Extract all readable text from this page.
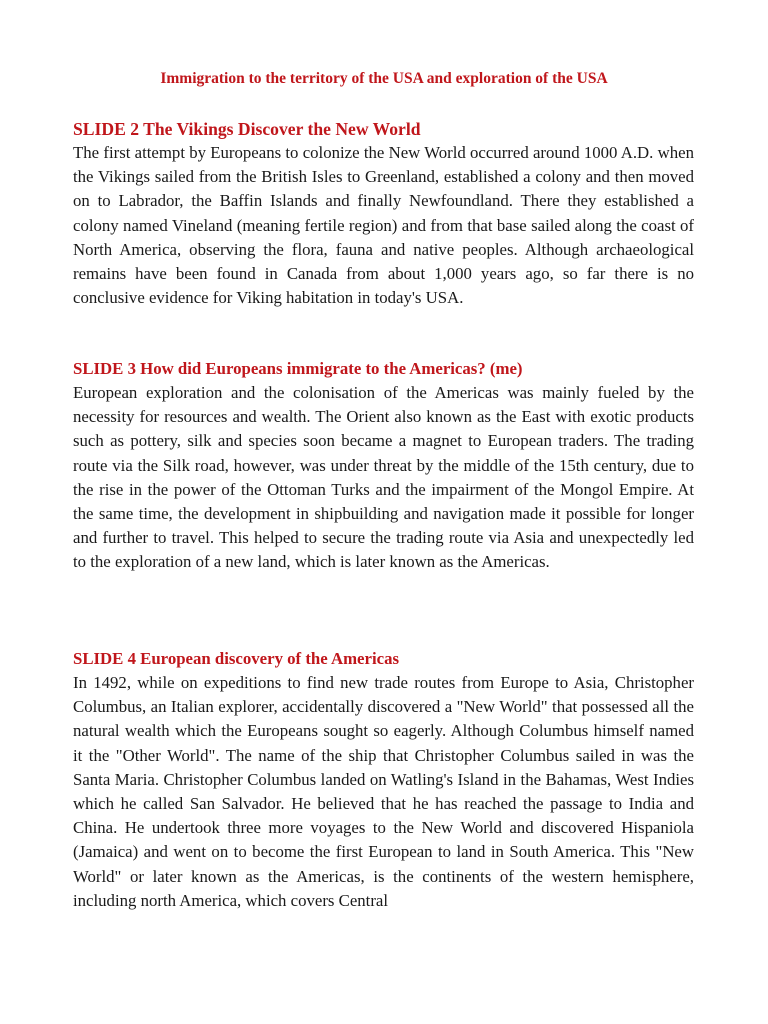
Immigration to the territory of the USA and exploration of the USA
SLIDE 2 The Vikings Discover the New World

The first attempt by Europeans to colonize the New World occurred around 1000 A.D. when the Vikings sailed from the British Isles to Greenland, established a colony and then moved on to Labrador, the Baffin Islands and finally Newfoundland. There they established a colony named Vineland (meaning fertile region) and from that base sailed along the coast of North America, observing the flora, fauna and native peoples. Although archaeological remains have been found in Canada from about 1,000 years ago, so far there is no conclusive evidence for Viking habitation in today's USA.

SLIDE 3 How did Europeans immigrate to the Americas? (me)

European exploration and the colonisation of the Americas was mainly fueled by the necessity for resources and wealth. The Orient also known as the East with exotic products such as pottery, silk and species soon became a magnet to European traders. The trading route via the Silk road, however, was under threat by the middle of the 15th century, due to the rise in the power of the Ottoman Turks and the impairment of the Mongol Empire. At the same time, the development in shipbuilding and navigation made it possible for longer and further to travel. This helped to secure the trading route via Asia and unexpectedly led to the exploration of a new land, which is later known as the Americas.

SLIDE 4 European discovery of the Americas

In 1492, while on expeditions to find new trade routes from Europe to Asia, Christopher Columbus, an Italian explorer, accidentally discovered a "New World" that possessed all the natural wealth which the Europeans sought so eagerly. Although Columbus himself named it the "Other World". The name of the ship that Christopher Columbus sailed in was the Santa Maria. Christopher Columbus landed on Watling's Island in the Bahamas, West Indies which he called San Salvador. He believed that he has reached the passage to India and China. He undertook three more voyages to the New World and discovered Hispaniola (Jamaica) and went on to become the first European to land in South America. This "New World" or later known as the Americas, is the continents of the western hemisphere, including north America, which covers Central
